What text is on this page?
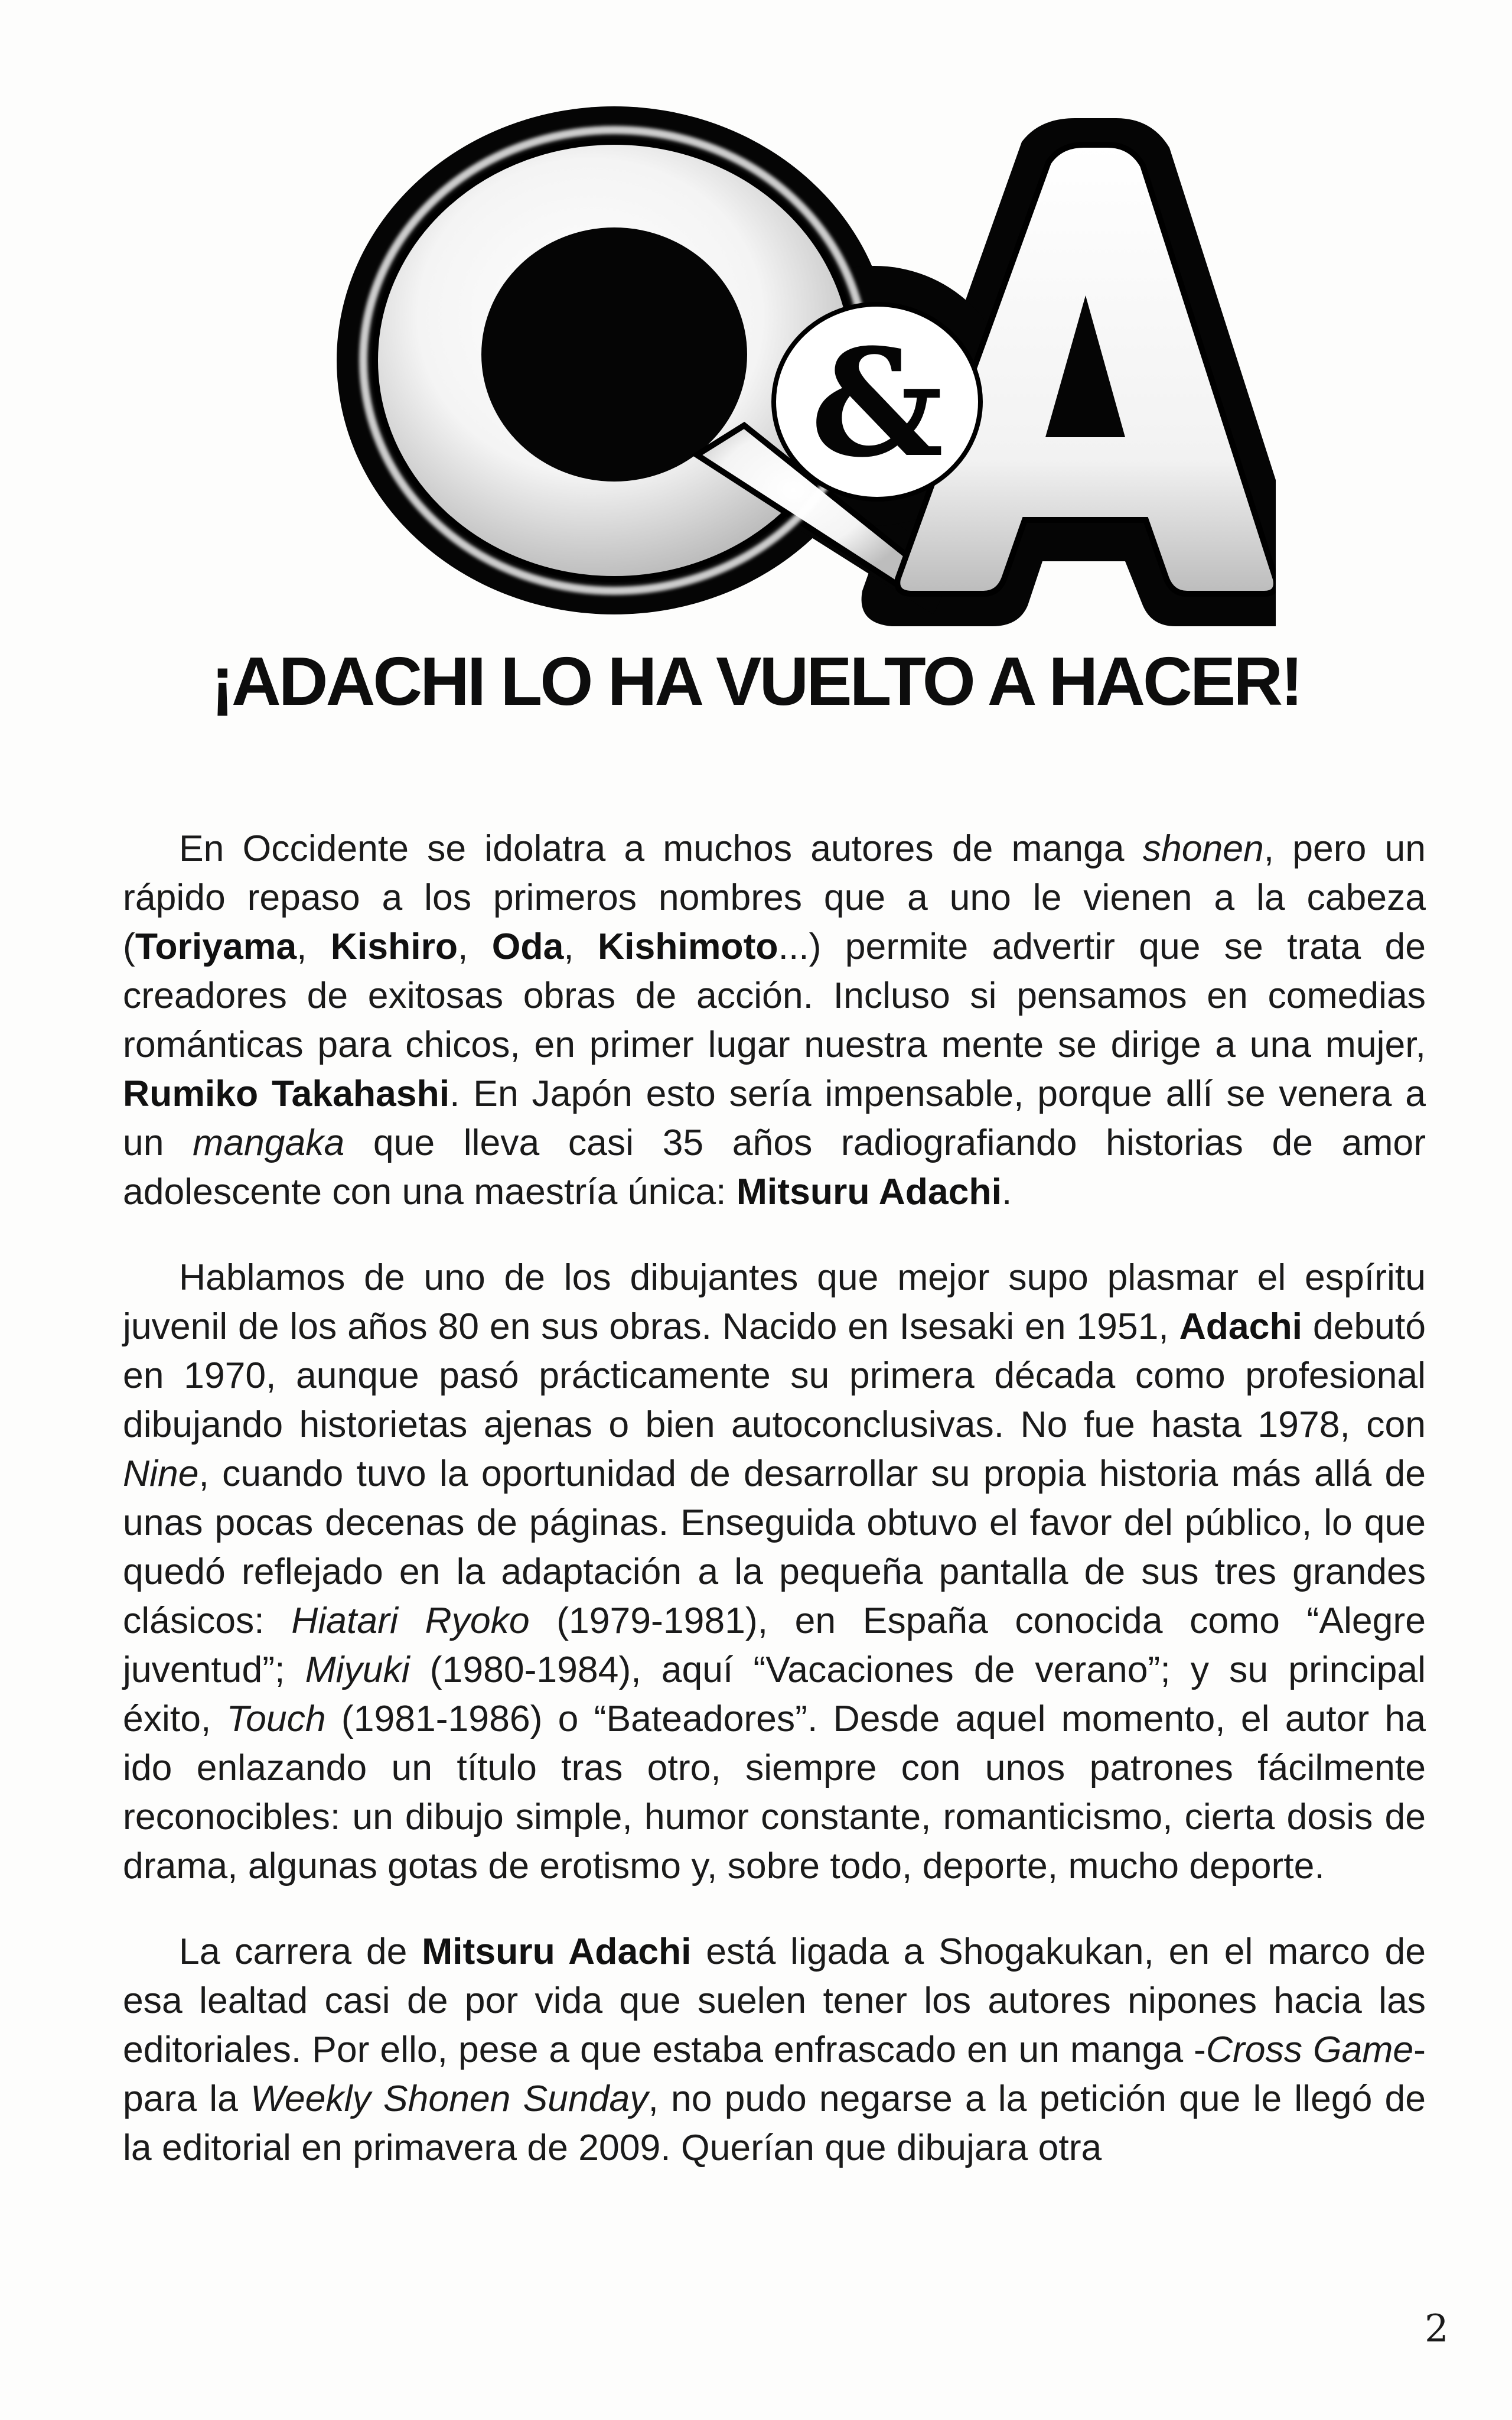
&
¡ADACHI LO HA VUELTO A HACER!

En Occidente se idolatra a muchos autores de manga shonen, pero un rápido repaso a los primeros nombres que a uno le vienen a la cabeza (Toriyama, Kishiro, Oda, Kishimoto...) permite advertir que se trata de creadores de exitosas obras de acción. Incluso si pensamos en comedias románticas para chicos, en primer lugar nuestra mente se dirige a una mujer, Rumiko Takahashi. En Japón esto sería impensable, porque allí se venera a un mangaka que lleva casi 35 años radiografiando historias de amor adolescente con una maestría única: Mitsuru Adachi.

Hablamos de uno de los dibujantes que mejor supo plasmar el espíritu juvenil de los años 80 en sus obras. Nacido en Isesaki en 1951, Adachi debutó en 1970, aunque pasó prácticamente su primera década como profesional dibujando historietas ajenas o bien autoconclusivas. No fue hasta 1978, con Nine, cuando tuvo la oportunidad de desarrollar su propia historia más allá de unas pocas decenas de páginas. Enseguida obtuvo el favor del público, lo que quedó reflejado en la adaptación a la pequeña pantalla de sus tres grandes clásicos: Hiatari Ryoko (1979-1981), en España conocida como “Alegre juventud”; Miyuki (1980-1984), aquí “Vacaciones de verano”; y su principal éxito, Touch (1981-1986) o “Bateadores”. Desde aquel momento, el autor ha ido enlazando un título tras otro, siempre con unos patrones fácilmente reconocibles: un dibujo simple, humor constante, romanticismo, cierta dosis de drama, algunas gotas de erotismo y, sobre todo, deporte, mucho deporte.

La carrera de Mitsuru Adachi está ligada a Shogakukan, en el marco de esa lealtad casi de por vida que suelen tener los autores nipones hacia las editoriales. Por ello, pese a que estaba enfrascado en un manga -Cross Game- para la Weekly Shonen Sunday, no pudo negarse a la petición que le llegó de la editorial en primavera de 2009. Querían que dibujara otra

2
